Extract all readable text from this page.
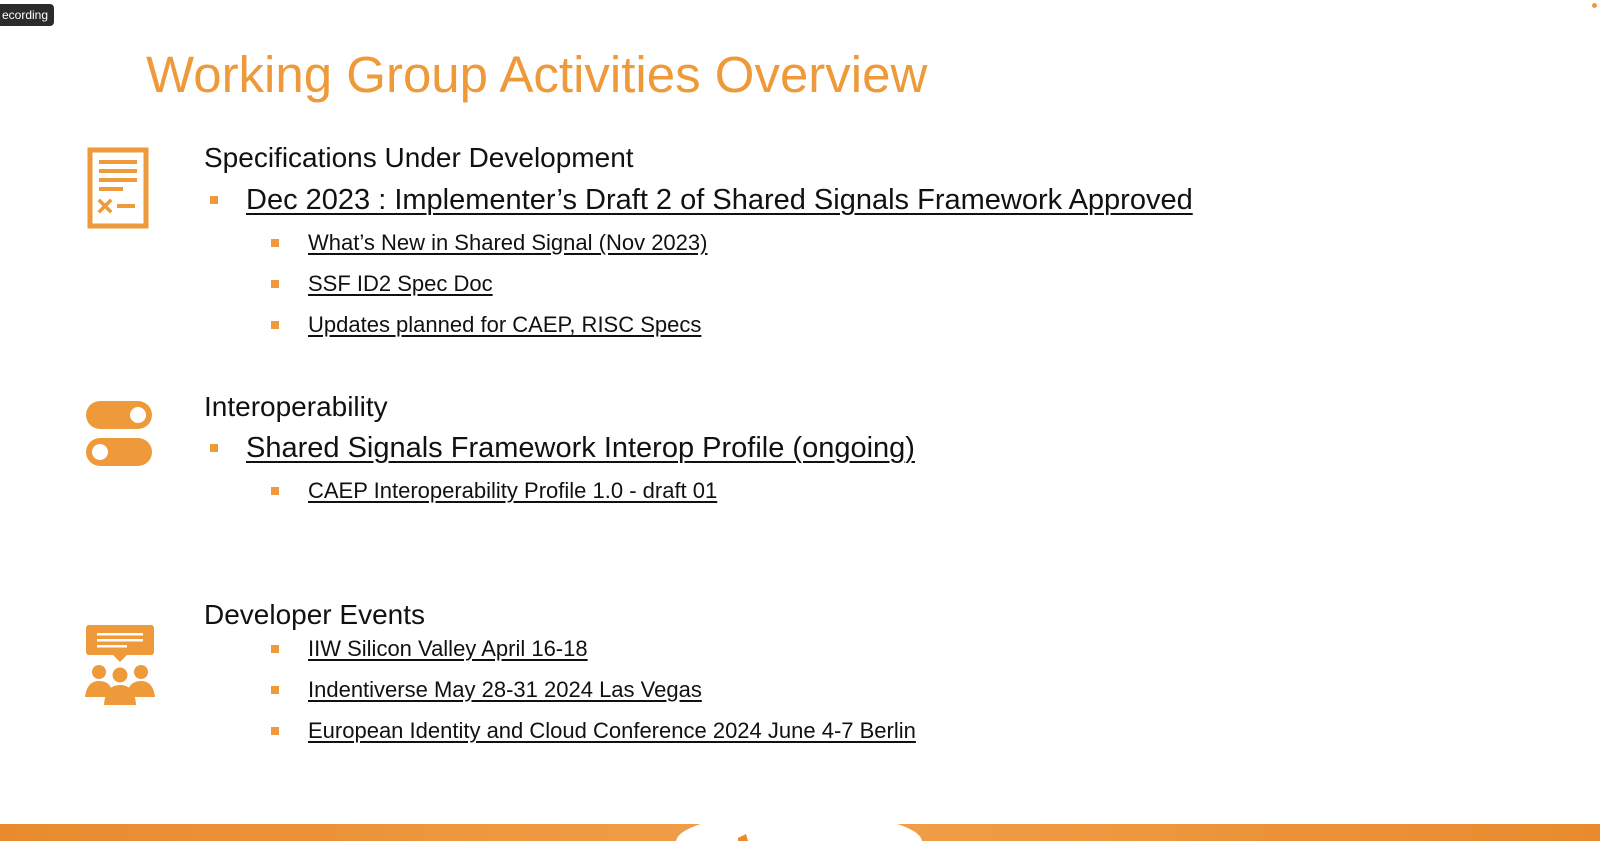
ecording
Working Group Activities Overview
Specifications Under Development
Dec 2023 : Implementer’s Draft 2 of Shared Signals Framework Approved
What’s New in Shared Signal (Nov 2023)
SSF ID2 Spec Doc
Updates planned for CAEP, RISC Specs
Interoperability
Shared Signals Framework Interop Profile (ongoing)
CAEP Interoperability Profile 1.0 - draft 01
Developer Events
IIW Silicon Valley April 16-18
Indentiverse May 28-31 2024 Las Vegas
European Identity and Cloud Conference 2024 June 4-7 Berlin
